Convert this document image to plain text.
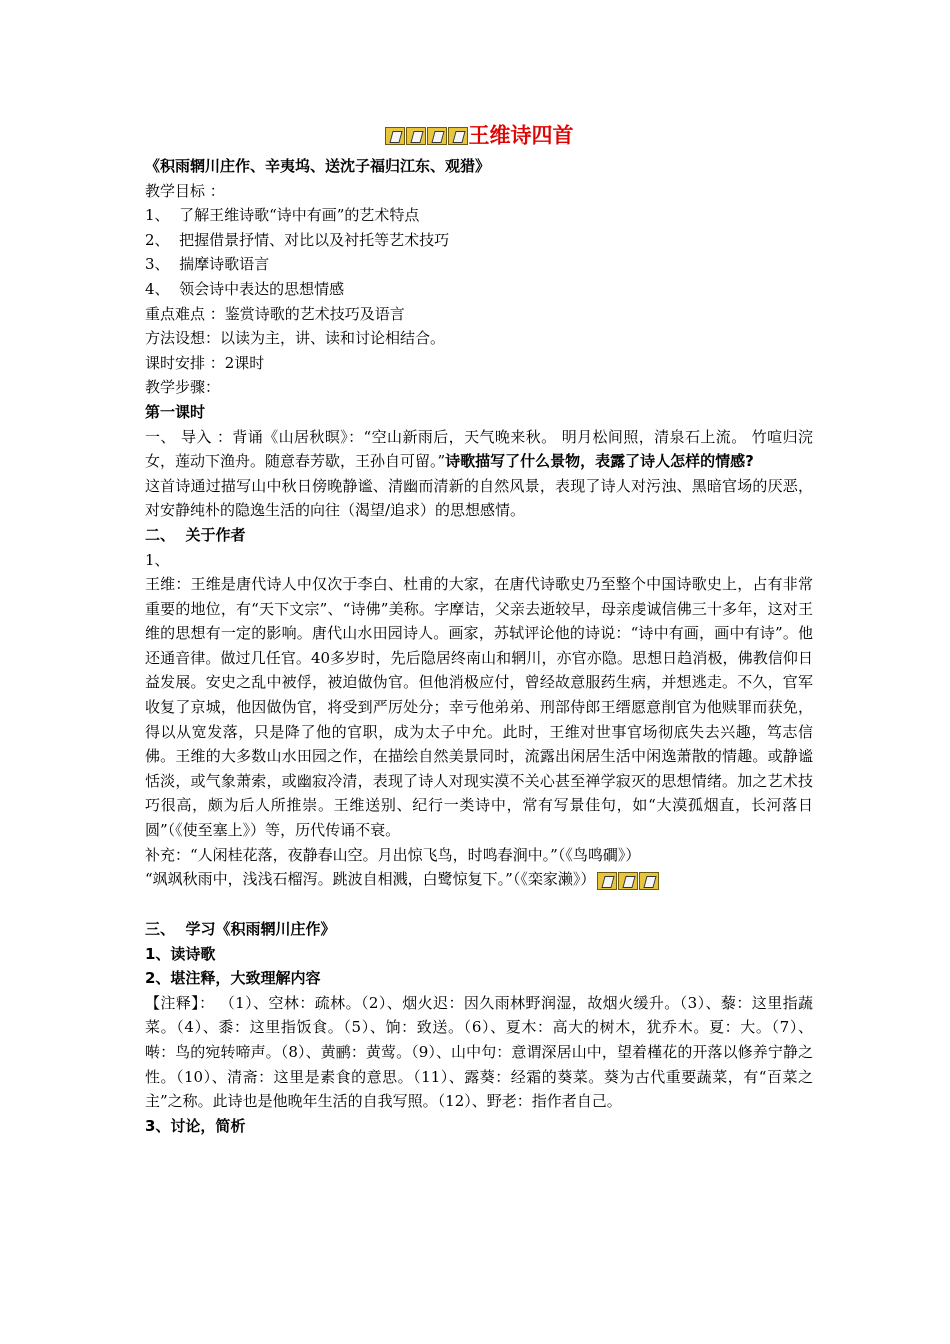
王维诗四首

《积雨辋川庄作、辛夷坞、送沈子福归江东、观猎》

教学目标 ：

1、  了解王维诗歌“诗中有画”的艺术特点

2、  把握借景抒情、对比以及衬托等艺术技巧

3、  揣摩诗歌语言

4、  领会诗中表达的思想情感

重点难点 ：鉴赏诗歌的艺术技巧及语言

方法设想：以读为主，讲、读和讨论相结合。

课时安排 ：2课时

教学步骤：

第一课时

一、 导入 ：背诵《山居秋暝》：“空山新雨后，天气晚来秋。 明月松间照，清泉石上流。 竹喧归浣女，莲动下渔舟。随意春芳歇，王孙自可留。”诗歌描写了什么景物，表露了诗人怎样的情感?

这首诗通过描写山中秋日傍晚静谧、清幽而清新的自然风景，表现了诗人对污浊、黑暗官场的厌恶，对安静纯朴的隐逸生活的向往（渴望/追求）的思想感情。

二、  关于作者

1、

王维：王维是唐代诗人中仅次于李白、杜甫的大家，在唐代诗歌史乃至整个中国诗歌史上，占有非常重要的地位，有“天下文宗”、“诗佛”美称。字摩诘，父亲去逝较早，母亲虔诚信佛三十多年，这对王维的思想有一定的影响。唐代山水田园诗人。画家，苏轼评论他的诗说：“诗中有画，画中有诗”。他还通音律。做过几任官。40多岁时，先后隐居终南山和辋川，亦官亦隐。思想日趋消极，佛教信仰日益发展。安史之乱中被俘，被迫做伪官。但他消极应付，曾经故意服药生病，并想逃走。不久，官军收复了京城，他因做伪官，将受到严厉处分；幸亏他弟弟、刑部侍郎王缙愿意削官为他赎罪而获免，得以从宽发落，只是降了他的官职，成为太子中允。此时，王维对世事官场彻底失去兴趣，笃志信佛。王维的大多数山水田园之作，在描绘自然美景同时，流露出闲居生活中闲逸萧散的情趣。或静谧恬淡，或气象萧索，或幽寂冷清，表现了诗人对现实漠不关心甚至禅学寂灭的思想情绪。加之艺术技巧很高，颇为后人所推崇。王维送别、纪行一类诗中，常有写景佳句，如“大漠孤烟直，长河落日圆”（《使至塞上》）等，历代传诵不衰。

补充：“人闲桂花落，夜静春山空。月出惊飞鸟，时鸣春涧中。”（《鸟鸣磵》）

“飒飒秋雨中，浅浅石榴泻。跳波自相溅，白鹭惊复下。”（《栾家濑》）

三、  学习《积雨辋川庄作》

1、读诗歌

2、堪注释，大致理解内容

【注释】： （1）、空林：疏林。（2）、烟火迟：因久雨林野润湿，故烟火缓升。（3）、藜：这里指蔬菜。（4）、黍：这里指饭食。（5）、饷：致送。（6）、夏木：高大的树木，犹乔木。夏：大。（7）、啭：鸟的宛转啼声。（8）、黄鹂：黄莺。（9）、山中句：意谓深居山中，望着槿花的开落以修养宁静之性。（10）、清斋：这里是素食的意思。（11）、露葵：经霜的葵菜。葵为古代重要蔬菜，有“百菜之主”之称。此诗也是他晚年生活的自我写照。（12）、野老：指作者自己。

3、讨论，简析
